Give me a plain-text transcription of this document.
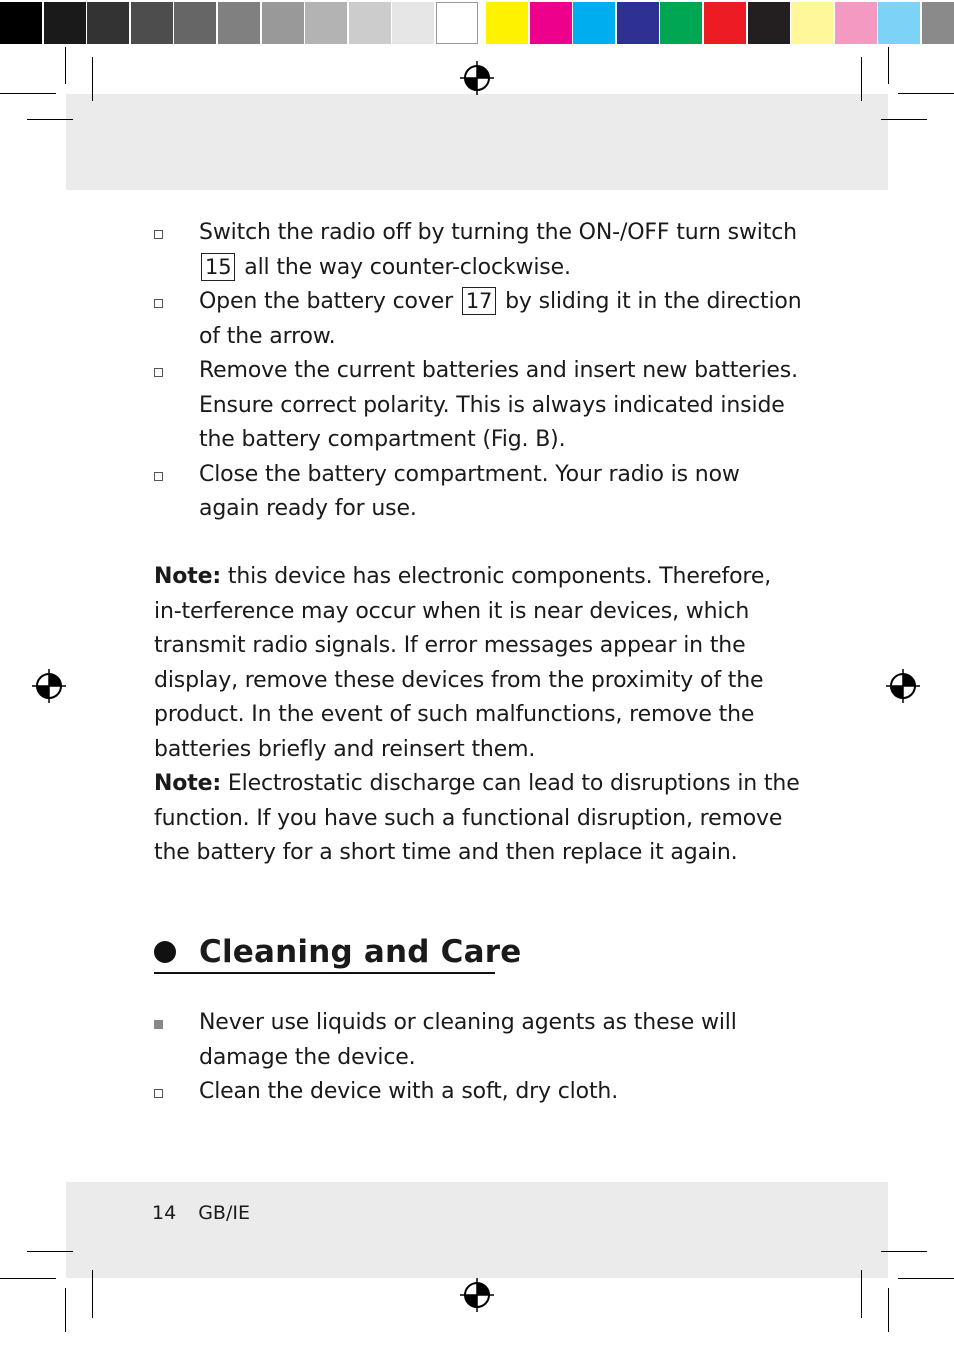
Switch the radio off by turning the ON-/OFF turn switch 15 all the way counter-clockwise.
Open the battery cover 17 by sliding it in the direction of the arrow.
Remove the current batteries and insert new batteries. Ensure correct polarity. This is always indicated inside the battery compartment (Fig. B).
Close the battery compartment. Your radio is now again ready for use.

Note: this device has electronic components. Therefore, in-terference may occur when it is near devices, which transmit radio signals. If error messages appear in the display, remove these devices from the proximity of the product. In the event of such malfunctions, remove the batteries briefly and reinsert them.

Note: Electrostatic discharge can lead to disruptions in the function. If you have such a functional disruption, remove the battery for a short time and then replace it again.

Cleaning and Care
Never use liquids or cleaning agents as these will damage the device.
Clean the device with a soft, dry cloth.
14 GB/IE
